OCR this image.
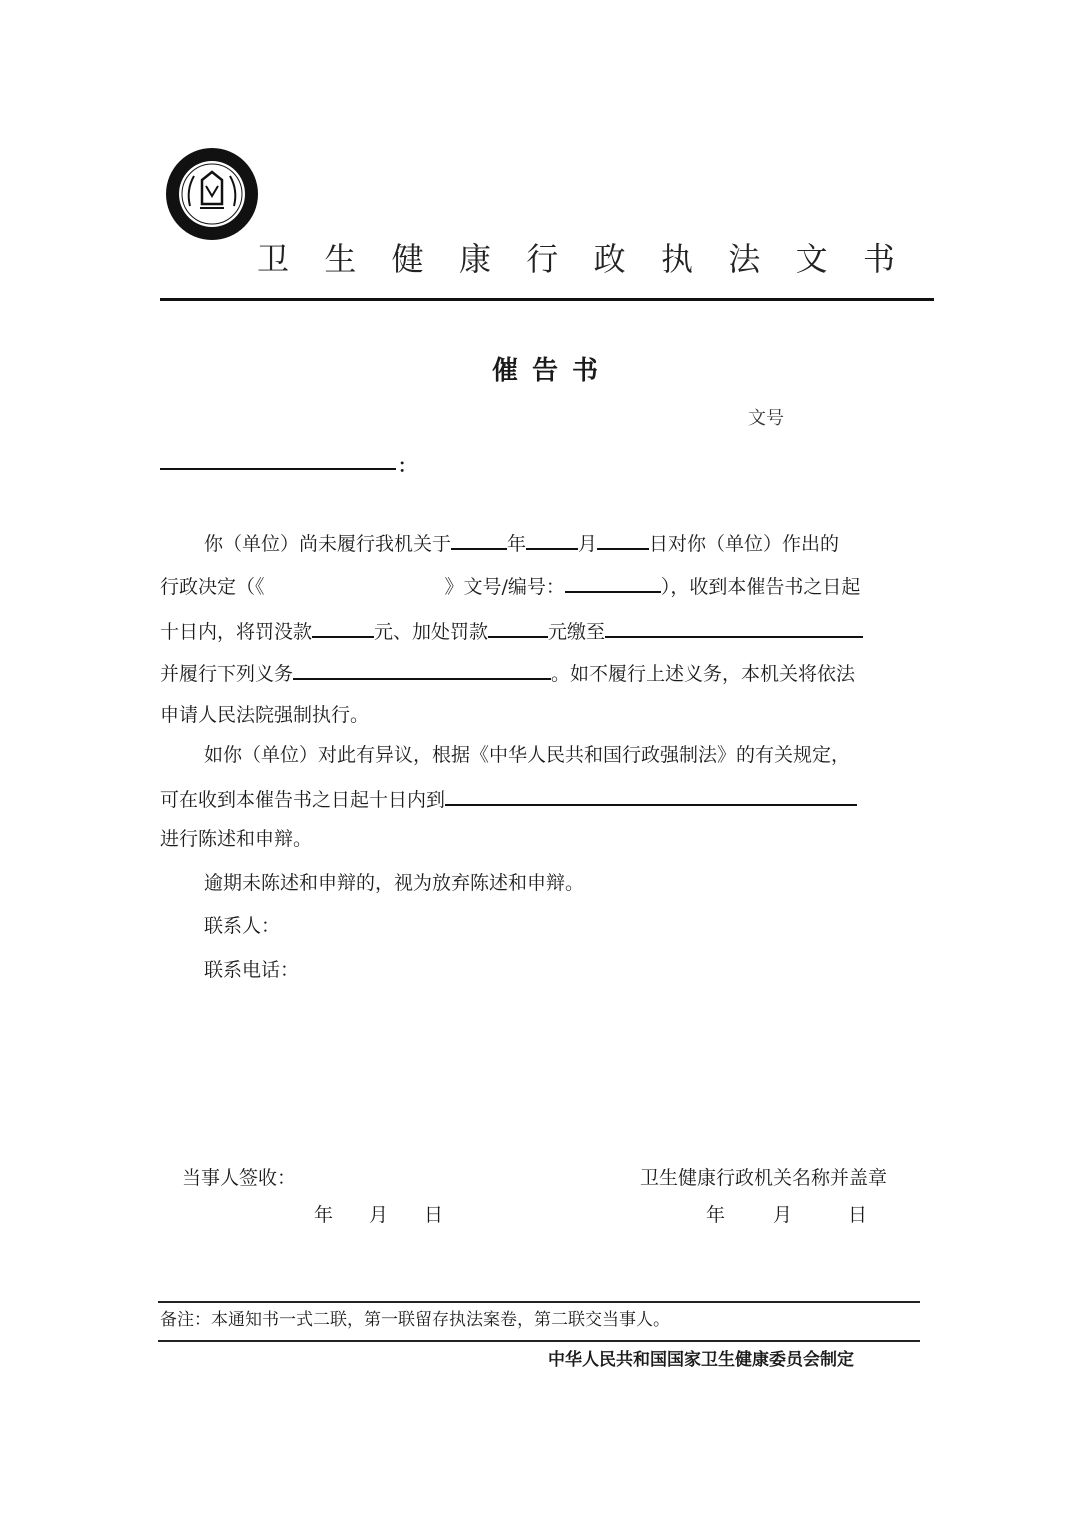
卫 生 健 康 行 政 执 法 文 书
催告书
文号
：
你（单位）尚未履行我机关于	年	月	日对你（单位）作出的
行政决定（《	》文号/编号：	），收到本催告书之日起
十日内，将罚没款	元、加处罚款	元缴至
并履行下列义务	。如不履行上述义务，本机关将依法
申请人民法院强制执行。
如你（单位）对此有异议，根据《中华人民共和国行政强制法》的有关规定，
可在收到本催告书之日起十日内到
进行陈述和申辩。
逾期未陈述和申辩的，视为放弃陈述和申辩。
联系人：
联系电话：
当事人签收：	卫生健康行政机关名称并盖章
年 月 日	年	月	日
备注：本通知书一式二联，第一联留存执法案卷，第二联交当事人。
中华人民共和国国家卫生健康委员会制定
